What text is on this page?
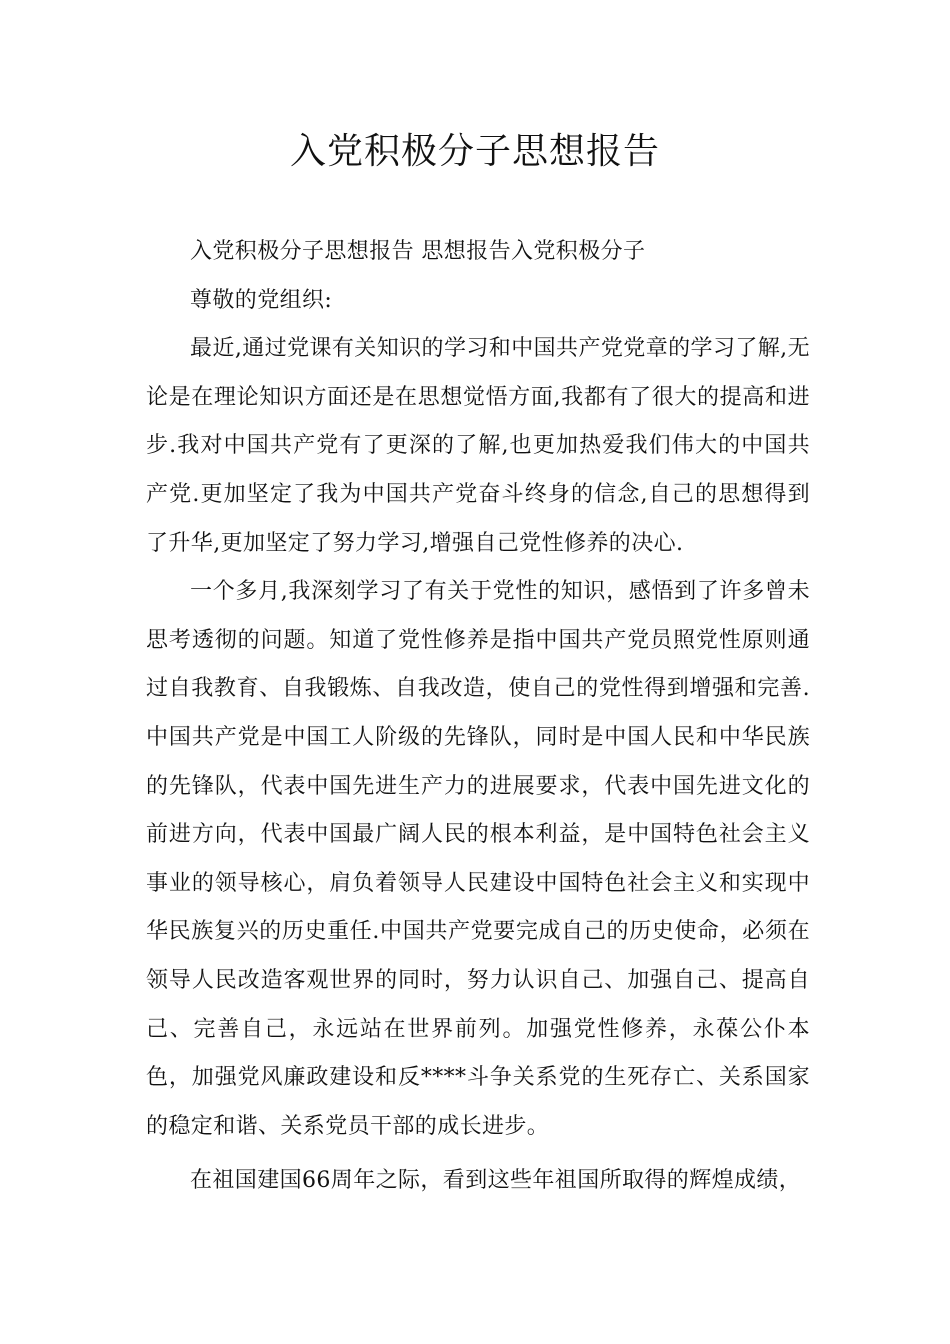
入党积极分子思想报告

入党积极分子思想报告 思想报告入党积极分子

尊敬的党组织:

最近,通过党课有关知识的学习和中国共产党党章的学习了解,无论是在理论知识方面还是在思想觉悟方面,我都有了很大的提高和进步.我对中国共产党有了更深的了解,也更加热爱我们伟大的中国共产党.更加坚定了我为中国共产党奋斗终身的信念,自己的思想得到了升华,更加坚定了努力学习,增强自己党性修养的决心.

一个多月,我深刻学习了有关于党性的知识，感悟到了许多曾未思考透彻的问题。知道了党性修养是指中国共产党员照党性原则通过自我教育、自我锻炼、自我改造，使自己的党性得到增强和完善.中国共产党是中国工人阶级的先锋队，同时是中国人民和中华民族的先锋队，代表中国先进生产力的进展要求，代表中国先进文化的前进方向，代表中国最广阔人民的根本利益，是中国特色社会主义事业的领导核心，肩负着领导人民建设中国特色社会主义和实现中华民族复兴的历史重任.中国共产党要完成自己的历史使命，必须在领导人民改造客观世界的同时，努力认识自己、加强自己、提高自己、完善自己，永远站在世界前列。加强党性修养，永葆公仆本色，加强党风廉政建设和反****斗争关系党的生死存亡、关系国家的稳定和谐、关系党员干部的成长进步。

在祖国建国66周年之际，看到这些年祖国所取得的辉煌成绩，
